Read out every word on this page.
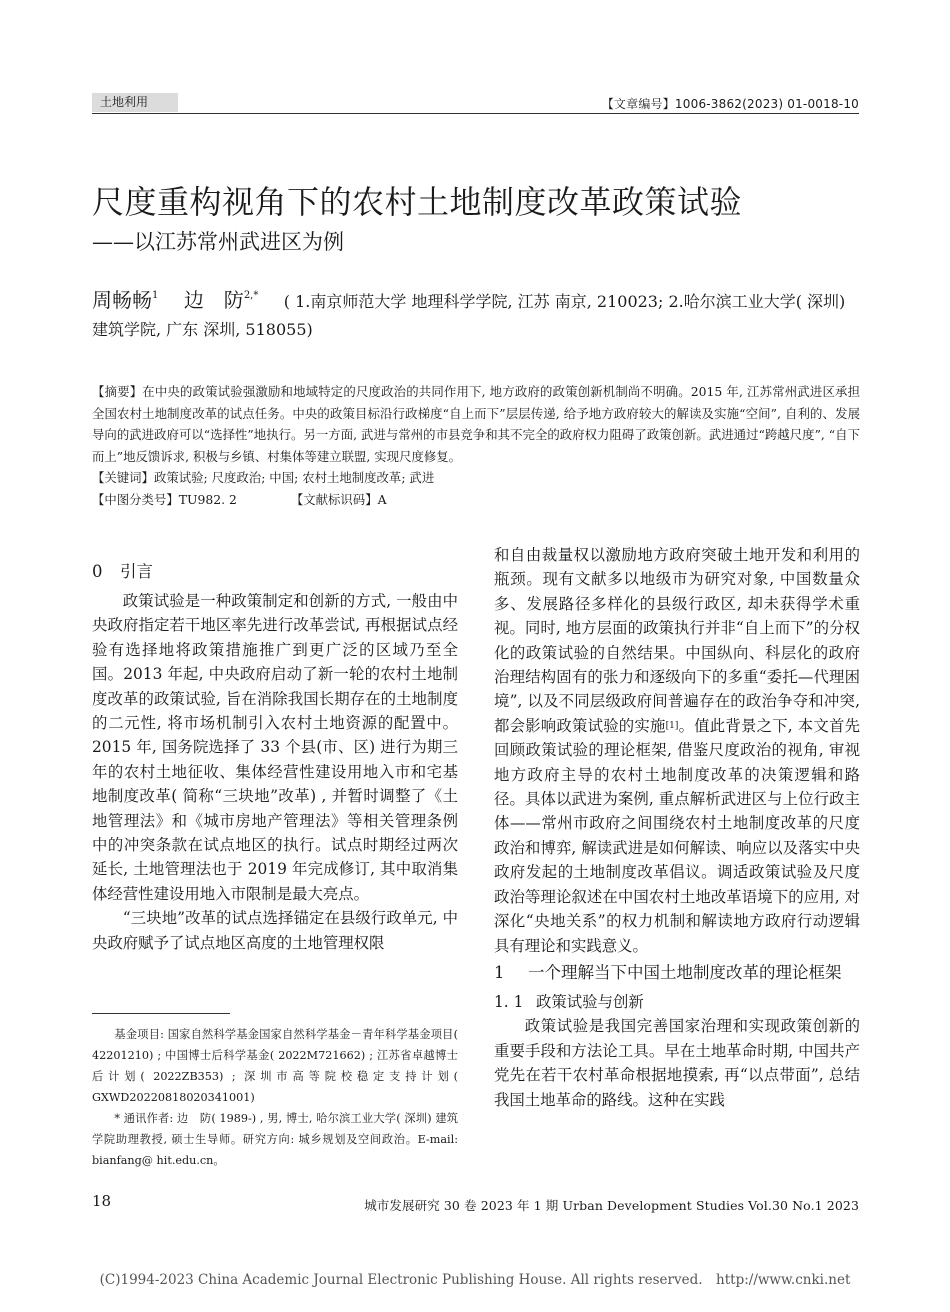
土地利用	【文章编号】1006-3862(2023) 01-0018-10
尺度重构视角下的农村土地制度改革政策试验
——以江苏常州武进区为例
周畅畅$^1$ 边　防$^{2,*}$ ( 1.南京师范大学 地理科学学院, 江苏 南京, 210023; 2.哈尔滨工业大学( 深圳) 建筑学院, 广东 深圳, 518055)

【摘要】在中央的政策试验强激励和地域特定的尺度政治的共同作用下, 地方政府的政策创新机制尚不明确。2015 年, 江苏常州武进区承担全国农村土地制度改革的试点任务。中央的政策目标沿行政梯度“自上而下”层层传递, 给予地方政府较大的解读及实施“空间”, 自利的、发展导向的武进政府可以“选择性”地执行。另一方面, 武进与常州的市县竞争和其不完全的政府权力阻碍了政策创新。武进通过“跨越尺度”, “自下而上”地反馈诉求, 积极与乡镇、村集体等建立联盟, 实现尺度修复。

【关键词】政策试验; 尺度政治; 中国; 农村土地制度改革; 武进

【中图分类号】TU982. 2	【文献标识码】A
0 引言

政策试验是一种政策制定和创新的方式, 一般由中央政府指定若干地区率先进行改革尝试, 再根据试点经验有选择地将政策措施推广到更广泛的区域乃至全国。2013 年起, 中央政府启动了新一轮的农村土地制度改革的政策试验, 旨在消除我国长期存在的土地制度的二元性, 将市场机制引入农村土地资源的配置中。2015 年, 国务院选择了 33 个县(市、区) 进行为期三年的农村土地征收、集体经营性建设用地入市和宅基地制度改革( 简称“三块地”改革) , 并暂时调整了《土地管理法》和《城市房地产管理法》等相关管理条例中的冲突条款在试点地区的执行。试点时期经过两次延长, 土地管理法也于 2019 年完成修订, 其中取消集体经营性建设用地入市限制是最大亮点。

“三块地”改革的试点选择锚定在县级行政单元, 中央政府赋予了试点地区高度的土地管理权限

基金项目: 国家自然科学基金国家自然科学基金－青年科学基金项目( 42201210) ; 中国博士后科学基金( 2022M721662) ; 江苏省卓越博士后计划( 2022ZB353) ; 深圳市高等院校稳定支持计划( GXWD20220818020341001)

* 通讯作者: 边　防( 1989-) , 男, 博士, 哈尔滨工业大学( 深圳) 建筑学院助理教授, 硕士生导师。研究方向: 城乡规划及空间政治。E-mail: bianfang@ hit.edu.cn。

和自由裁量权以激励地方政府突破土地开发和利用的瓶颈。现有文献多以地级市为研究对象, 中国数量众多、发展路径多样化的县级行政区, 却未获得学术重视。同时, 地方层面的政策执行并非“自上而下”的分权化的政策试验的自然结果。中国纵向、科层化的政府治理结构固有的张力和逐级向下的多重“委托—代理困境”, 以及不同层级政府间普遍存在的政治争夺和冲突, 都会影响政策试验的实施[1]。值此背景之下, 本文首先回顾政策试验的理论框架, 借鉴尺度政治的视角, 审视地方政府主导的农村土地制度改革的决策逻辑和路径。具体以武进为案例, 重点解析武进区与上位行政主体——常州市政府之间围绕农村土地制度改革的尺度政治和博弈, 解读武进是如何解读、响应以及落实中央政府发起的土地制度改革倡议。调适政策试验及尺度政治等理论叙述在中国农村土地改革语境下的应用, 对深化“央地关系”的权力机制和解读地方政府行动逻辑具有理论和实践意义。

1	一个理解当下中国土地制度改革的理论框架
1. 1 政策试验与创新

政策试验是我国完善国家治理和实现政策创新的重要手段和方法论工具。早在土地革命时期, 中国共产党先在若干农村革命根据地摸索, 再“以点带面”, 总结我国土地革命的路线。这种在实践

18	城市发展研究 30 卷 2023 年 1 期 Urban Development Studies Vol.30 No.1 2023
(C)1994-2023 China Academic Journal Electronic Publishing House. All rights reserved.　http://www.cnki.net
